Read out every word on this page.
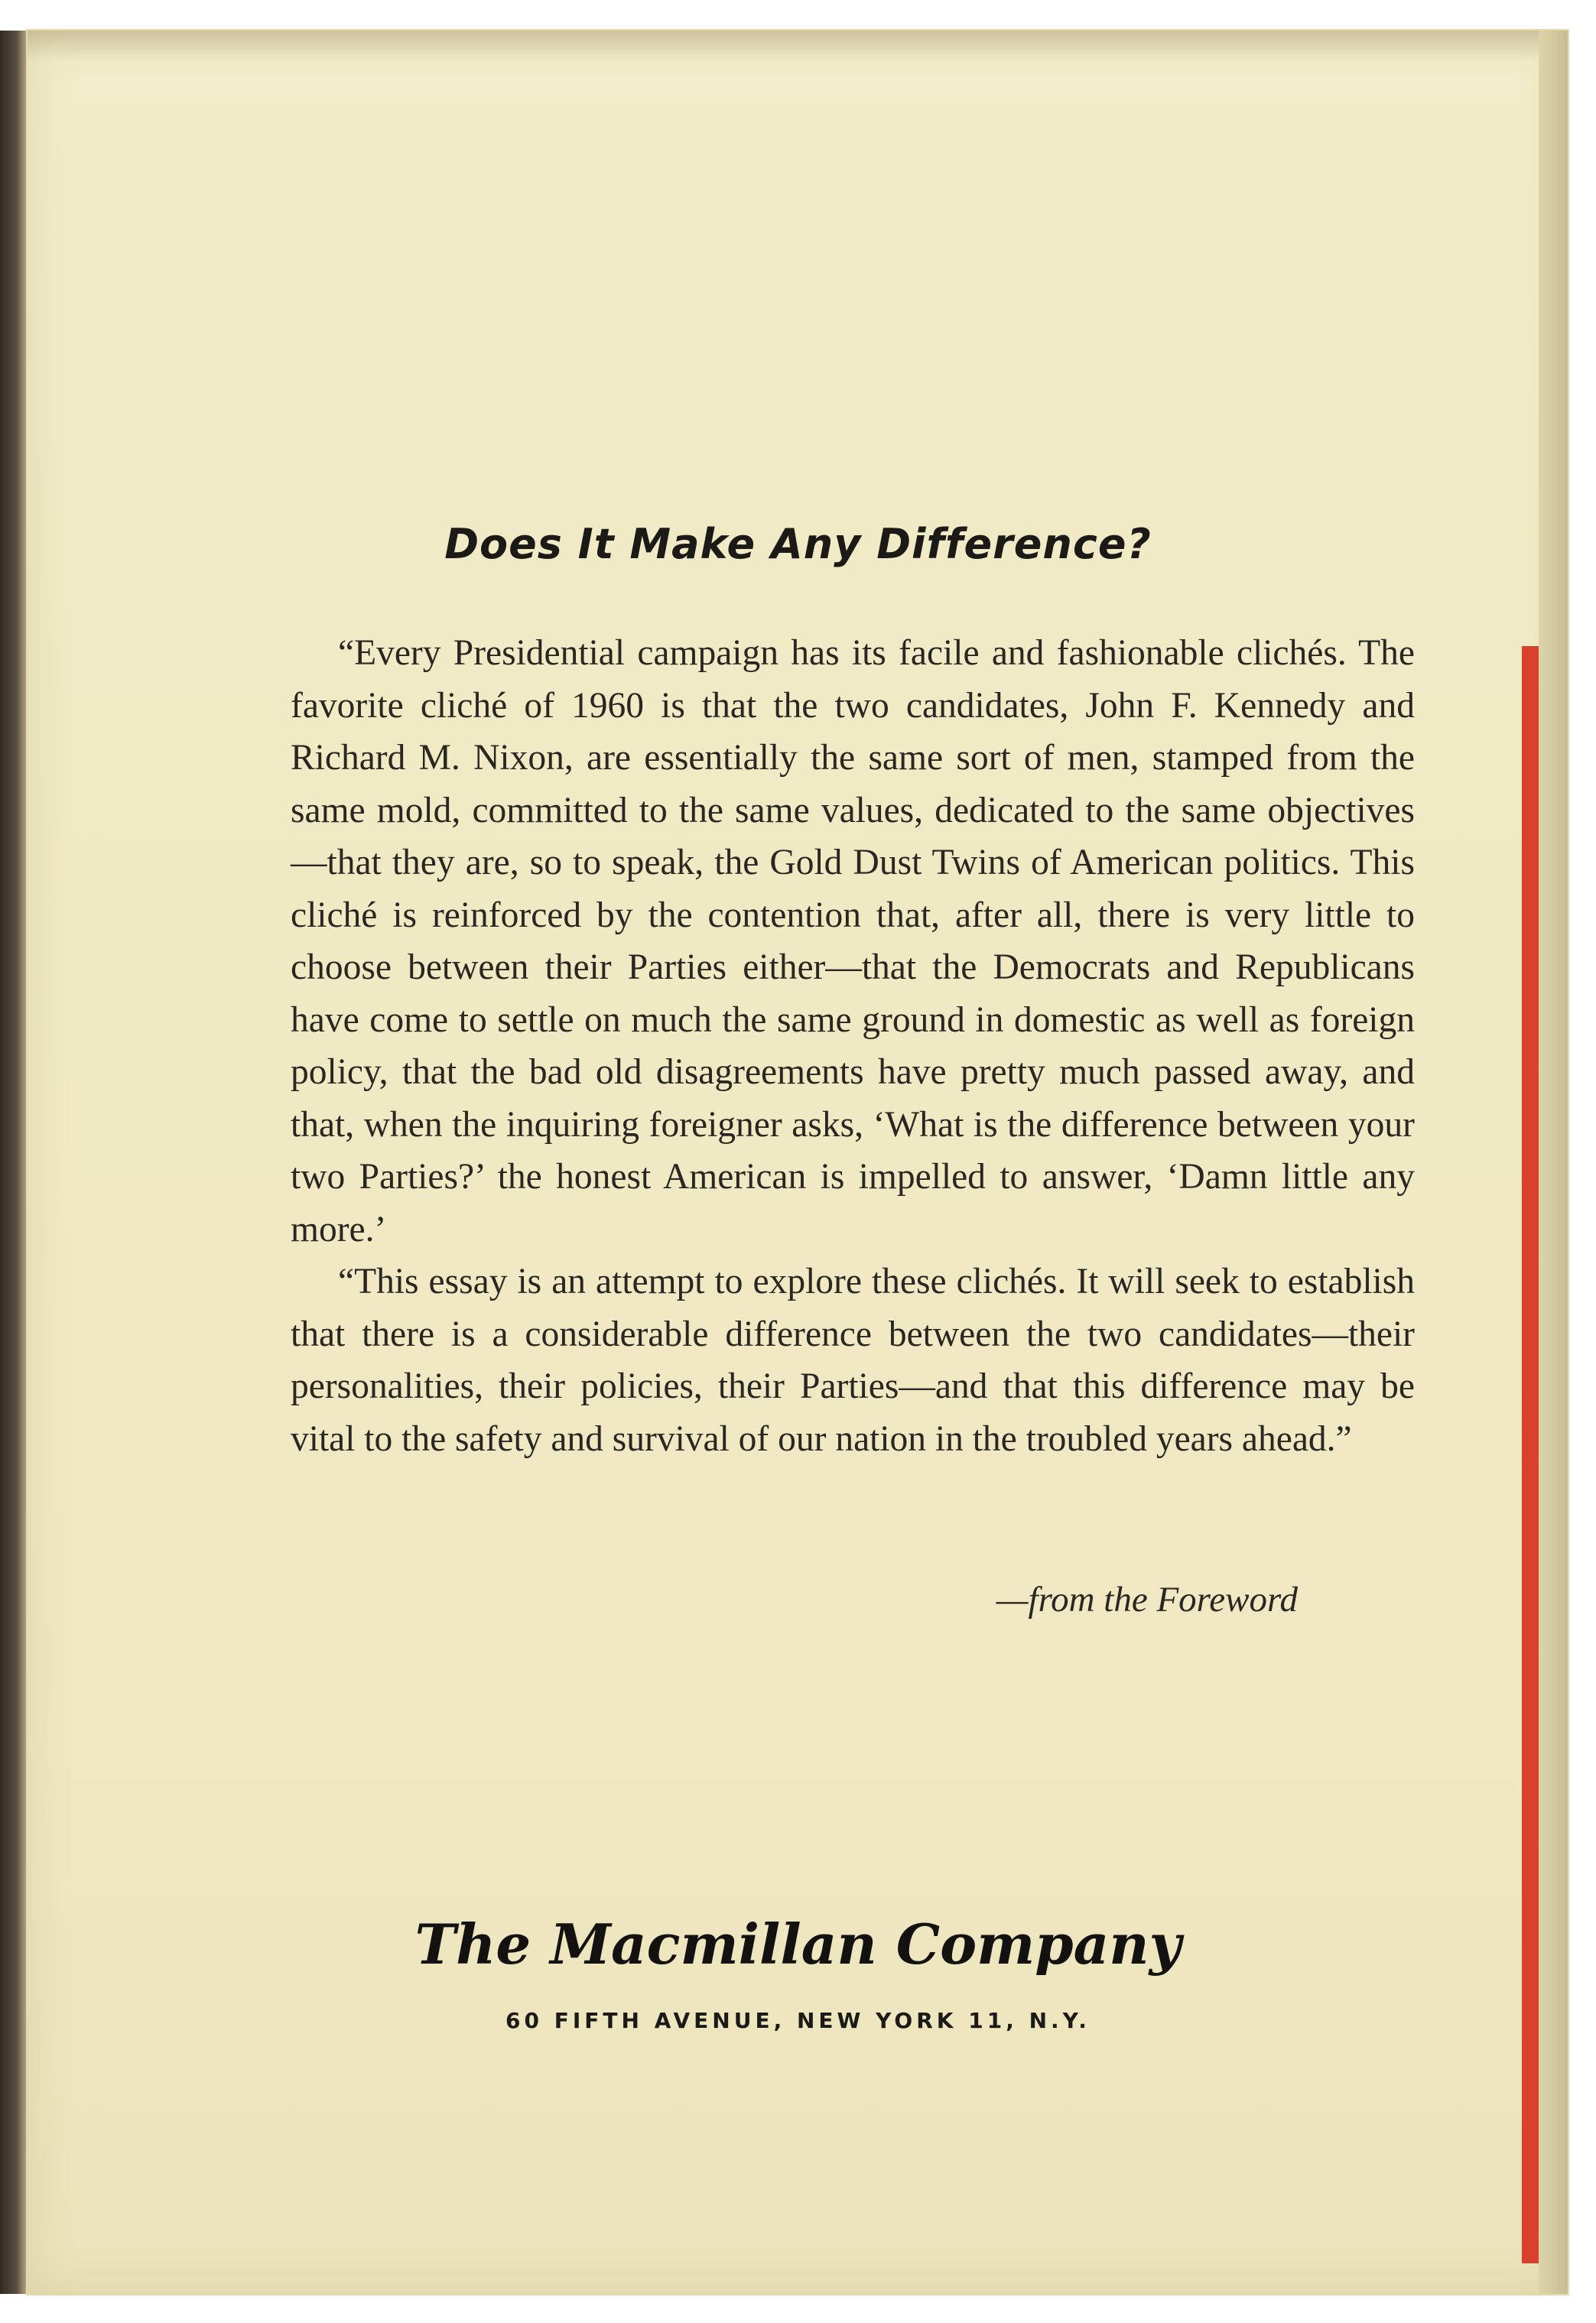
Does It Make Any Difference?

“Every Presidential campaign has its facile and fashionable clichés. The favorite cliché of 1960 is that the two candidates, John F. Kennedy and Richard M. Nixon, are essentially the same sort of men, stamped from the same mold, committed to the same values, dedicated to the same objectives—that they are, so to speak, the Gold Dust Twins of American politics. This cliché is reinforced by the contention that, after all, there is very little to choose between their Parties either—that the Democrats and Republicans have come to settle on much the same ground in domestic as well as foreign policy, that the bad old disagreements have pretty much passed away, and that, when the inquiring foreigner asks, ‘What is the difference between your two Parties?’ the honest American is impelled to answer, ‘Damn little any more.’

“This essay is an attempt to explore these clichés. It will seek to establish that there is a considerable difference between the two candidates—their personalities, their policies, their Parties—and that this difference may be vital to the safety and survival of our nation in the troubled years ahead.”

—from the Foreword
The Macmillan Company
60 FIFTH AVENUE, NEW YORK 11, N.Y.
